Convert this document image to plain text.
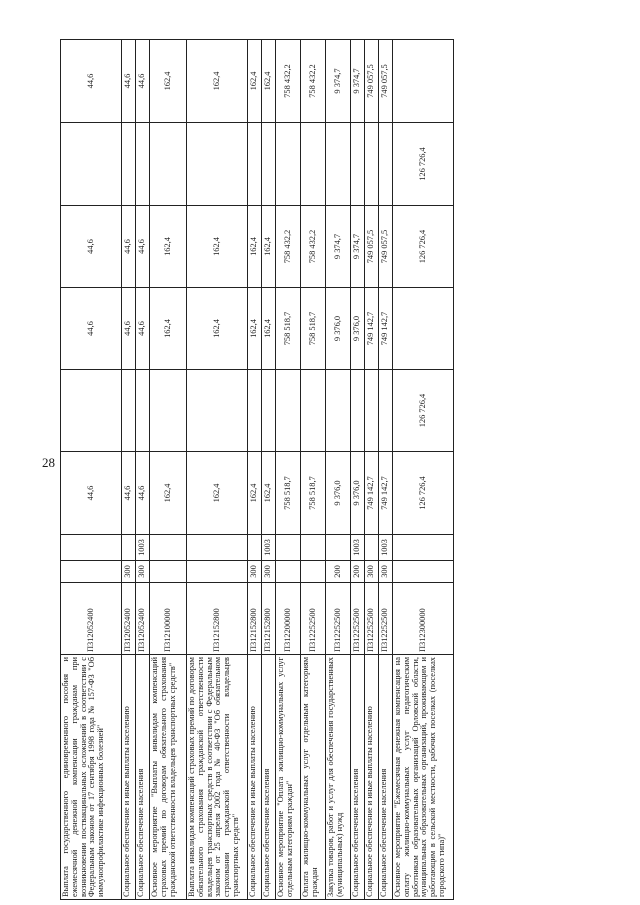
28
Выплата государственного единовременного пособия и ежемесячной денежной компенсации гражданам при возникновении поствакцинальных осложнений в соответствии с Федеральным законом от 17 сентября 1998 года № 157-ФЗ "Об иммунопрофилактике инфекционных болезней"	П312052400			44,6		44,6	44,6		44,6
Социальное обеспечение и иные выплаты населению	П312052400	300		44,6		44,6	44,6		44,6
Социальное обеспечение населения	П312052400	300	1003	44,6		44,6	44,6		44,6
Основное мероприятие "Выплаты инвалидам компенсаций страховых премий по договорам обязательного страхования гражданской ответственности владельцев транспортных средств"	П312100000			162,4		162,4	162,4		162,4
Выплата инвалидам компенсаций страховых премий по договорам обязательного страхования гражданской ответственности владельцев транспортных средств в соответствии с Федеральным законом от 25 апреля 2002 года № 40-ФЗ "Об обязательном страховании гражданской ответственности владельцев транспортных средств"	П312152800			162,4		162,4	162,4		162,4
Социальное обеспечение и иные выплаты населению	П312152800	300		162,4		162,4	162,4		162,4
Социальное обеспечение населения	П312152800	300	1003	162,4		162,4	162,4		162,4
Основное мероприятие "Оплата жилищно-коммунальных услуг отдельным категориям граждан"	П312200000			758 518,7		758 518,7	758 432,2		758 432,2
Оплата жилищно-коммунальных услуг отдельным категориям граждан	П312252500			758 518,7		758 518,7	758 432,2		758 432,2
Закупка товаров, работ и услуг для обеспечения государственных (муниципальных) нужд	П312252500	200		9 376,0		9 376,0	9 374,7		9 374,7
Социальное обеспечение населения	П312252500	200	1003	9 376,0		9 376,0	9 374,7		9 374,7
Социальное обеспечение и иные выплаты населению	П312252500	300		749 142,7		749 142,7	749 057,5		749 057,5
Социальное обеспечение населения	П312252500	300	1003	749 142,7		749 142,7	749 057,5		749 057,5
Основное мероприятие "Ежемесячная денежная компенсация на оплату жилищно-коммунальных услуг педагогическим работникам образовательных организаций Орловской области, муниципальных образовательных организаций, проживающим и работающим в сельской местности, рабочих поселках (поселках городского типа)"	П312300000			126 726,4	126 726,4		126 726,4	126 726,4	
